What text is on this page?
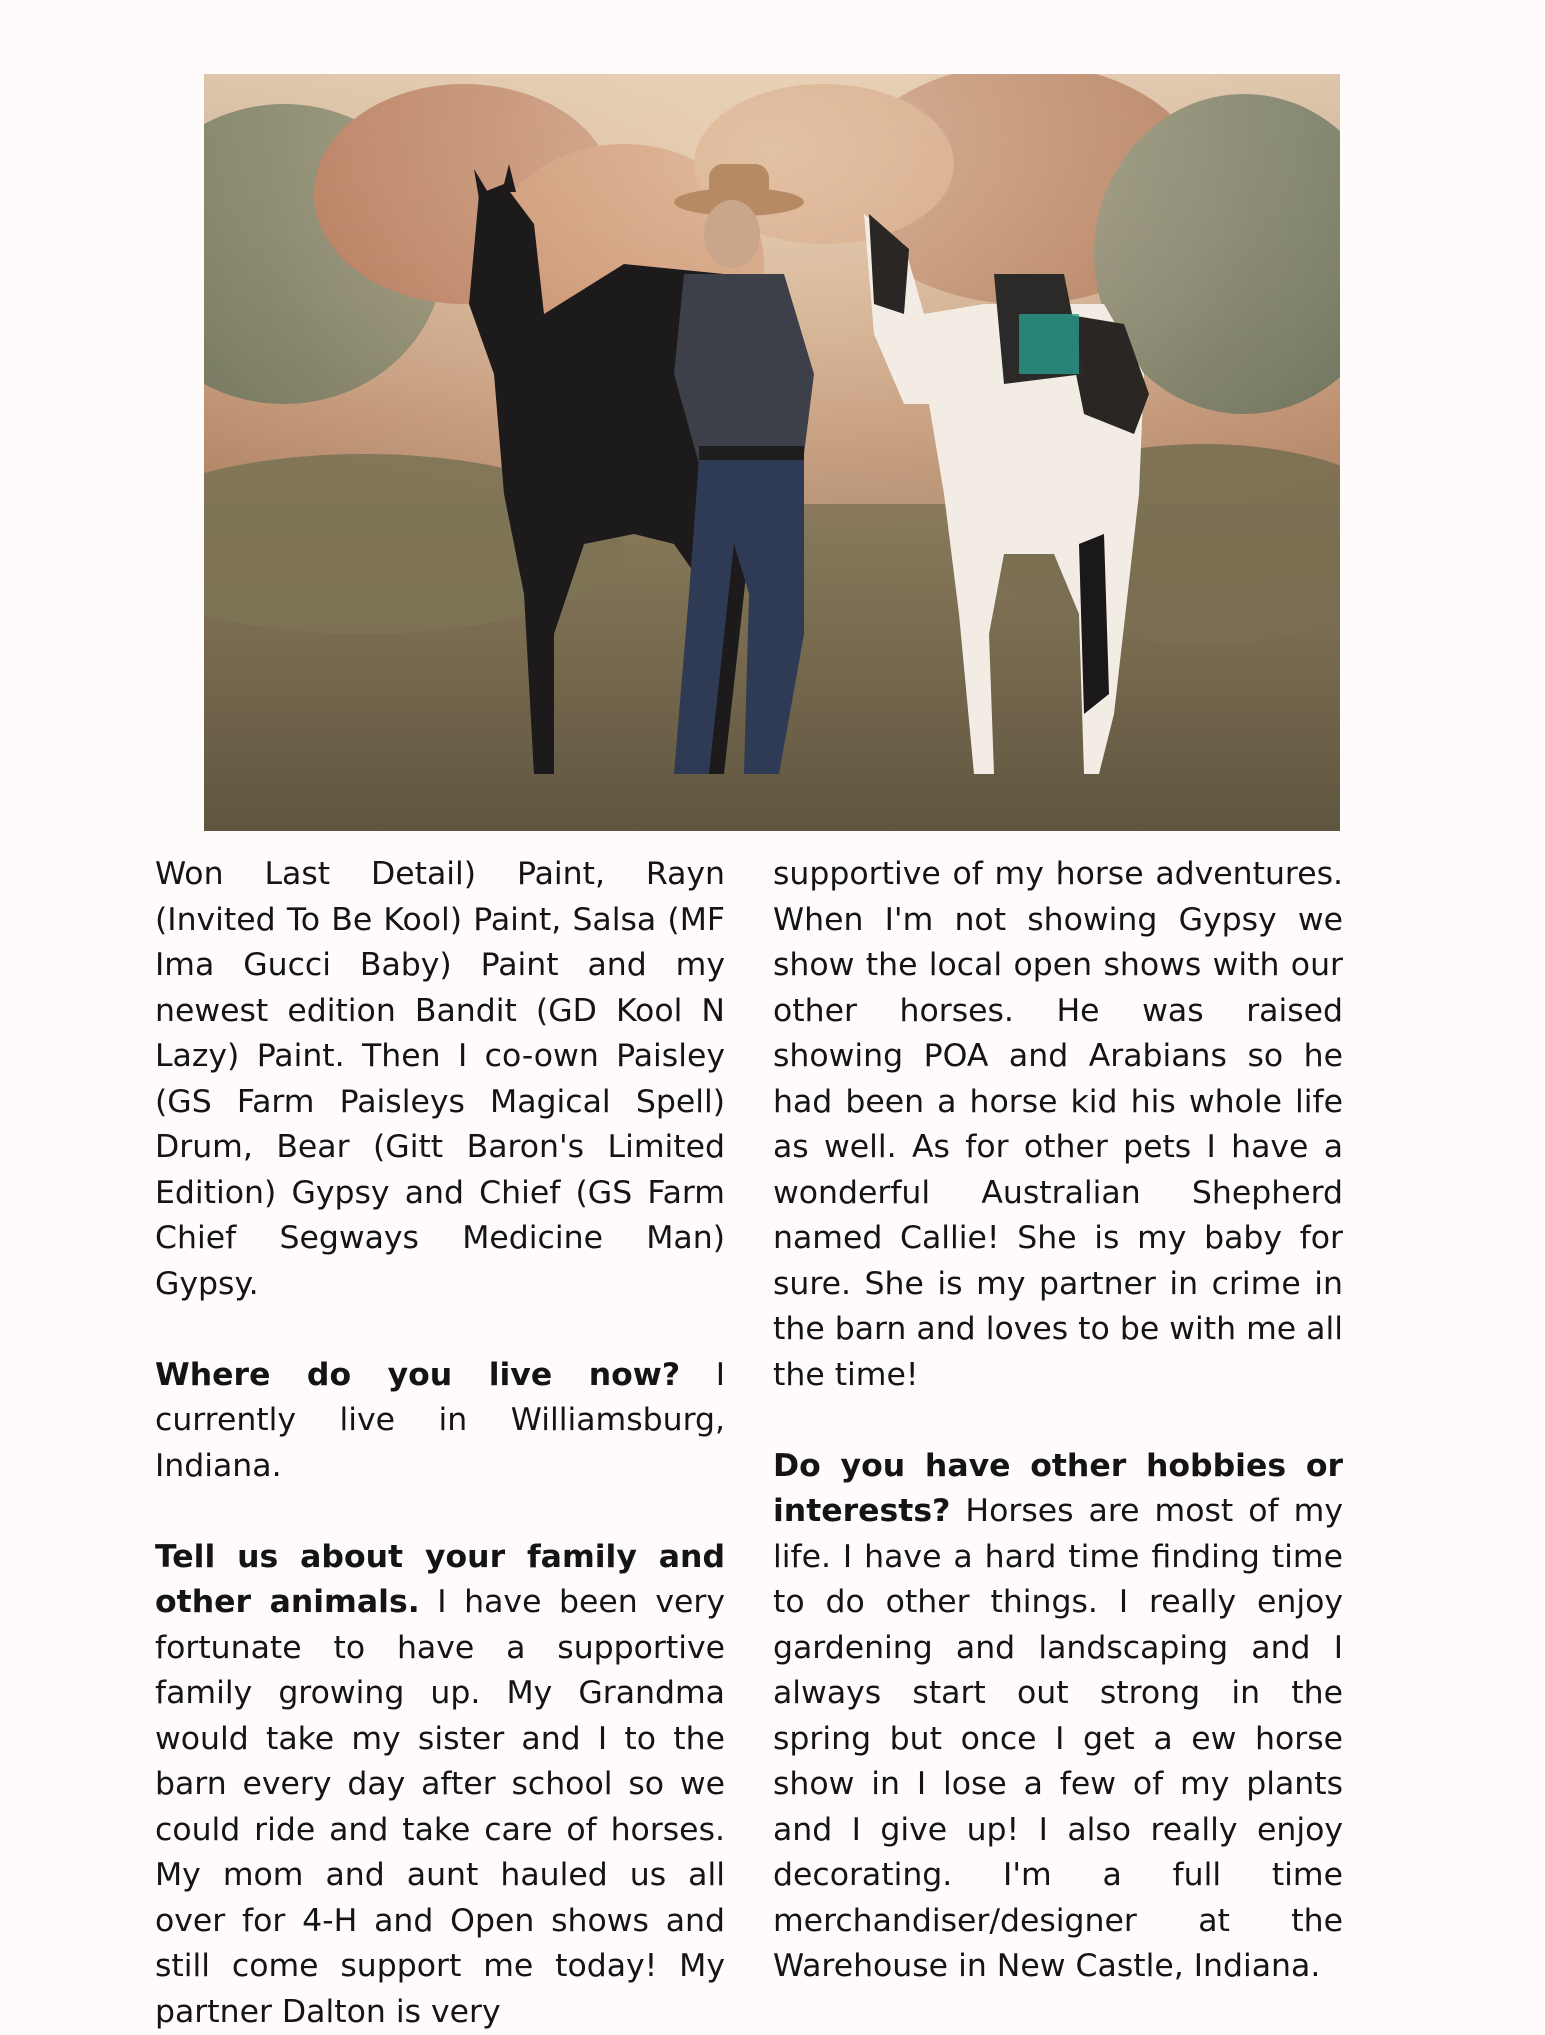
Won Last Detail) Paint, Rayn (Invited To Be Kool) Paint, Salsa (MF Ima Gucci Baby) Paint and my newest edition Bandit (GD Kool N Lazy) Paint. Then I co-own Paisley (GS Farm Paisleys Magical Spell) Drum, Bear (Gitt Baron's Limited Edition) Gypsy and Chief (GS Farm Chief Segways Medicine Man) Gypsy.

Where do you live now? I currently live in Williamsburg, Indiana.

Tell us about your family and other animals. I have been very fortunate to have a supportive family growing up. My Grandma would take my sister and I to the barn every day after school so we could ride and take care of horses. My mom and aunt hauled us all over for 4-H and Open shows and still come support me today! My partner Dalton is very

supportive of my horse adventures. When I'm not showing Gypsy we show the local open shows with our other horses. He was raised showing POA and Arabians so he had been a horse kid his whole life as well. As for other pets I have a wonderful Australian Shepherd named Callie! She is my baby for sure. She is my partner in crime in the barn and loves to be with me all the time!

Do you have other hobbies or interests? Horses are most of my life. I have a hard time finding time to do other things. I really enjoy gardening and landscaping and I always start out strong in the spring but once I get a ew horse show in I lose a few of my plants and I give up! I also really enjoy decorating. I'm a full time merchandiser/designer at the Warehouse in New Castle, Indiana.
